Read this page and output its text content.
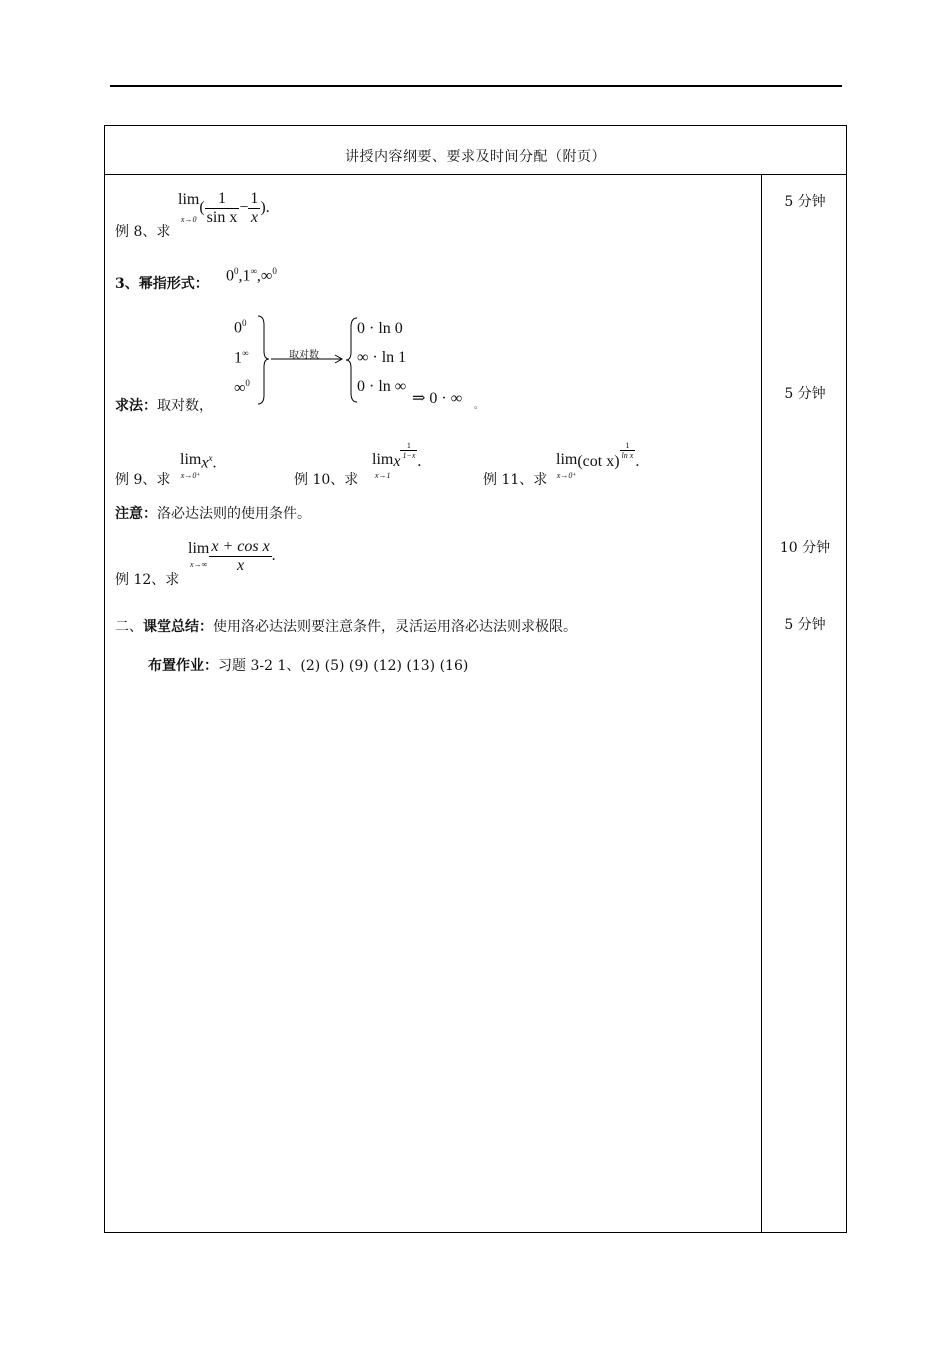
讲授内容纲要、要求及时间分配（附页）
5 分钟
5 分钟
10 分钟
5 分钟
例 8、求
lim
$x\to 0( \frac{1}{\text{sin x}} - \frac{1}{x}$ ).
3、幂指形式： $0^0,1^\infty,\infty^0$
求法：取对数，
$0^0$
1∞
∞$^0$
取对数
0 · ln 0
∞ · ln 1
0 · ln ∞
⇒ 0 · ∞ 。
例 9、求
lim
$x\to 0^+x^x$.
例 10、求
lim
x→1x
$\frac{1}{1-x}$
.
例 11、求
lim
x→0⁺(cot x)
$\frac{1}{\text{ln x}}$
.
注意：洛必达法则的使用条件。
例 12、求
lim
$x\to\infty \frac{\text{x + cos x}}{x}$ .
二、课堂总结：使用洛必达法则要注意条件，灵活运用洛必达法则求极限。
布置作业：习题 3-2 1、(2) (5) (9) (12) (13) (16)
